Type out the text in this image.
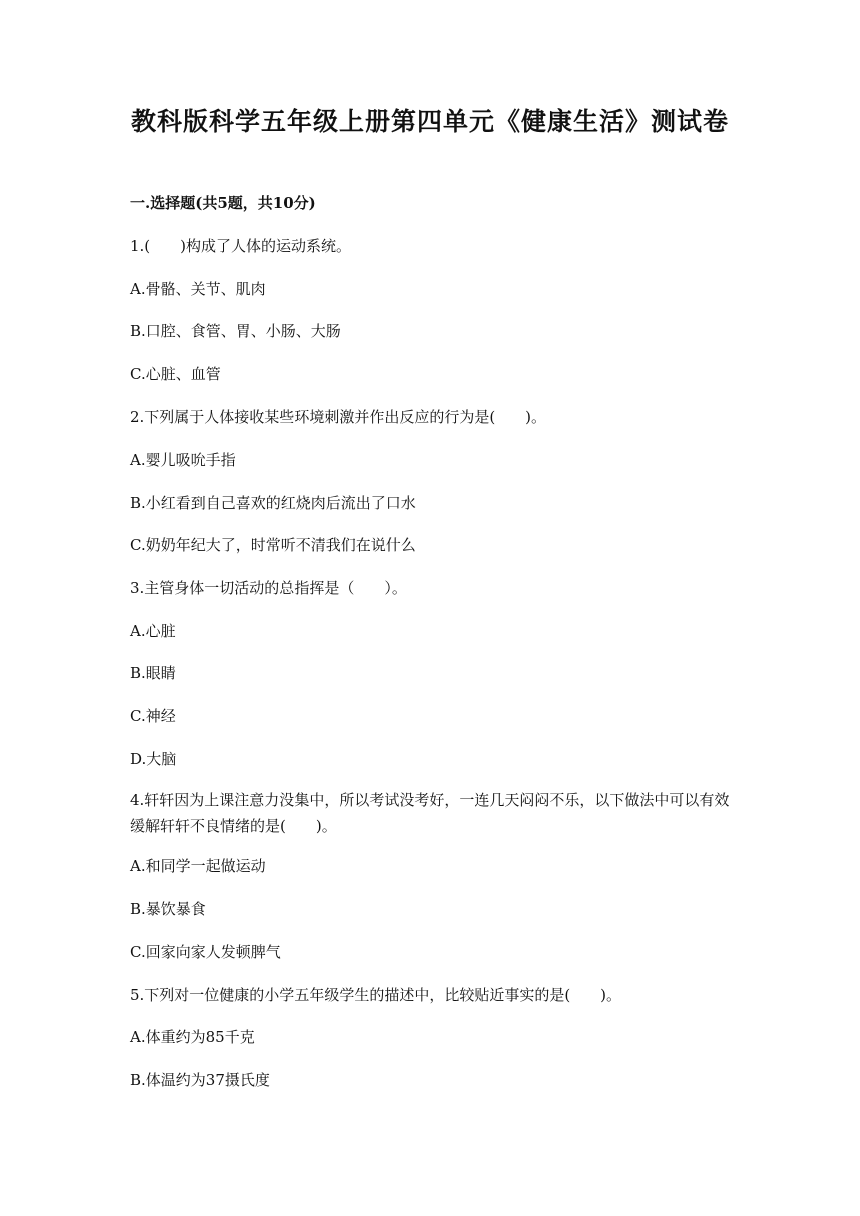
教科版科学五年级上册第四单元《健康生活》测试卷
一.选择题(共5题，共10分)

1.(　　)构成了人体的运动系统。

A.骨骼、关节、肌肉

B.口腔、食管、胃、小肠、大肠

C.心脏、血管

2.下列属于人体接收某些环境刺激并作出反应的行为是(　　)。

A.婴儿吸吮手指

B.小红看到自己喜欢的红烧肉后流出了口水

C.奶奶年纪大了，时常听不清我们在说什么

3.主管身体一切活动的总指挥是（　　）。

A.心脏

B.眼睛

C.神经

D.大脑

4.轩轩因为上课注意力没集中，所以考试没考好，一连几天闷闷不乐，以下做法中可以有效缓解轩轩不良情绪的是(　　)。

A.和同学一起做运动

B.暴饮暴食

C.回家向家人发顿脾气

5.下列对一位健康的小学五年级学生的描述中，比较贴近事实的是(　　)。

A.体重约为85千克

B.体温约为37摄氏度
